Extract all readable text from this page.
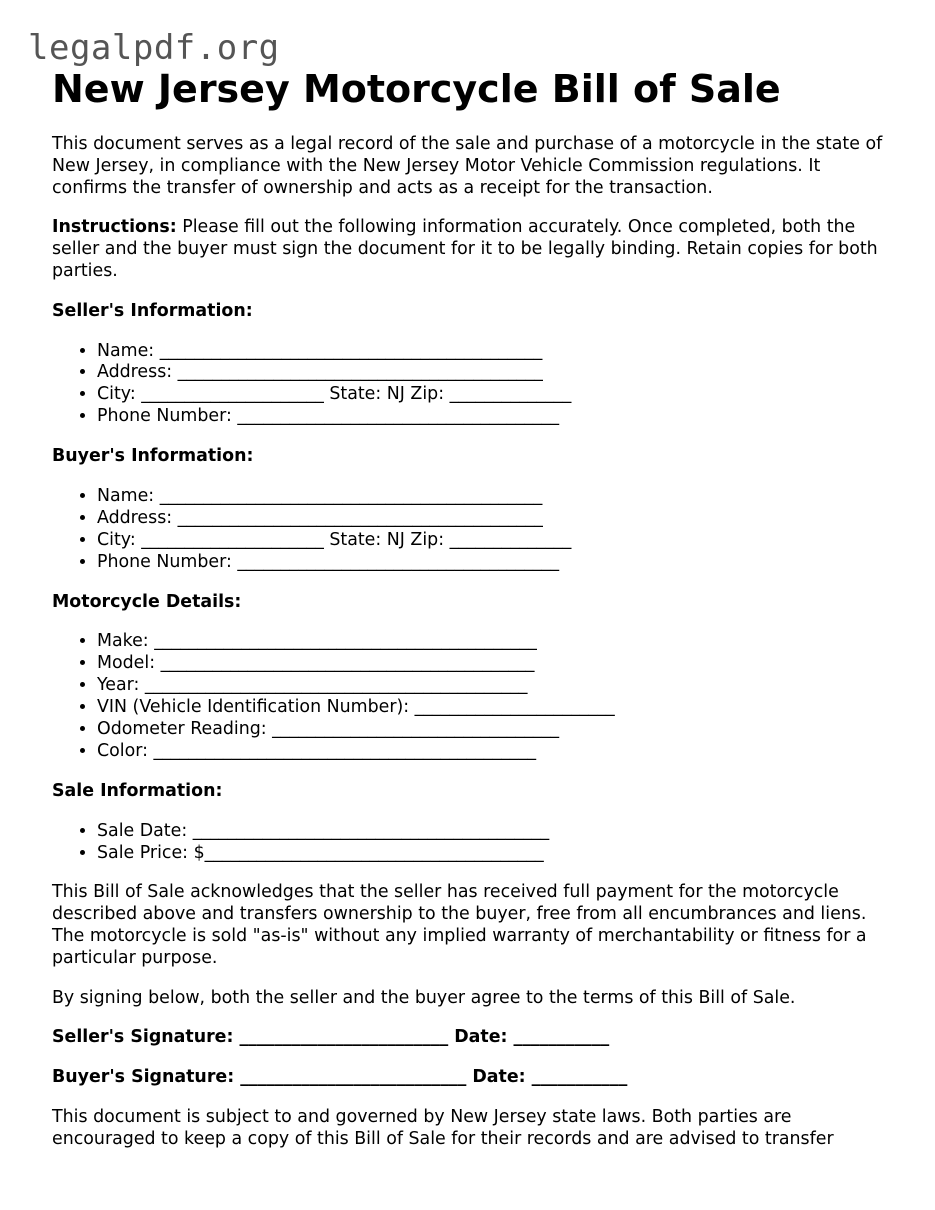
legalpdf.org
New Jersey Motorcycle Bill of Sale

This document serves as a legal record of the sale and purchase of a motorcycle in the state of New Jersey, in compliance with the New Jersey Motor Vehicle Commission regulations. It confirms the transfer of ownership and acts as a receipt for the transaction.

Instructions: Please fill out the following information accurately. Once completed, both the seller and the buyer must sign the document for it to be legally binding. Retain copies for both parties.

Seller's Information:

• Name: ____________________________________________
• Address: __________________________________________
• City: _____________________ State: NJ Zip: ______________
• Phone Number: _____________________________________

Buyer's Information:

• Name: ____________________________________________
• Address: __________________________________________
• City: _____________________ State: NJ Zip: ______________
• Phone Number: _____________________________________

Motorcycle Details:

• Make: ____________________________________________
• Model: ___________________________________________
• Year: ____________________________________________
• VIN (Vehicle Identification Number): _______________________
• Odometer Reading: _________________________________
• Color: ____________________________________________

Sale Information:

• Sale Date: _________________________________________
• Sale Price: $_______________________________________

This Bill of Sale acknowledges that the seller has received full payment for the motorcycle described above and transfers ownership to the buyer, free from all encumbrances and liens. The motorcycle is sold "as-is" without any implied warranty of merchantability or fitness for a particular purpose.

By signing below, both the seller and the buyer agree to the terms of this Bill of Sale.

Seller's Signature: ________________________ Date: ___________

Buyer's Signature: __________________________ Date: ___________

This document is subject to and governed by New Jersey state laws. Both parties are encouraged to keep a copy of this Bill of Sale for their records and are advised to transfer
